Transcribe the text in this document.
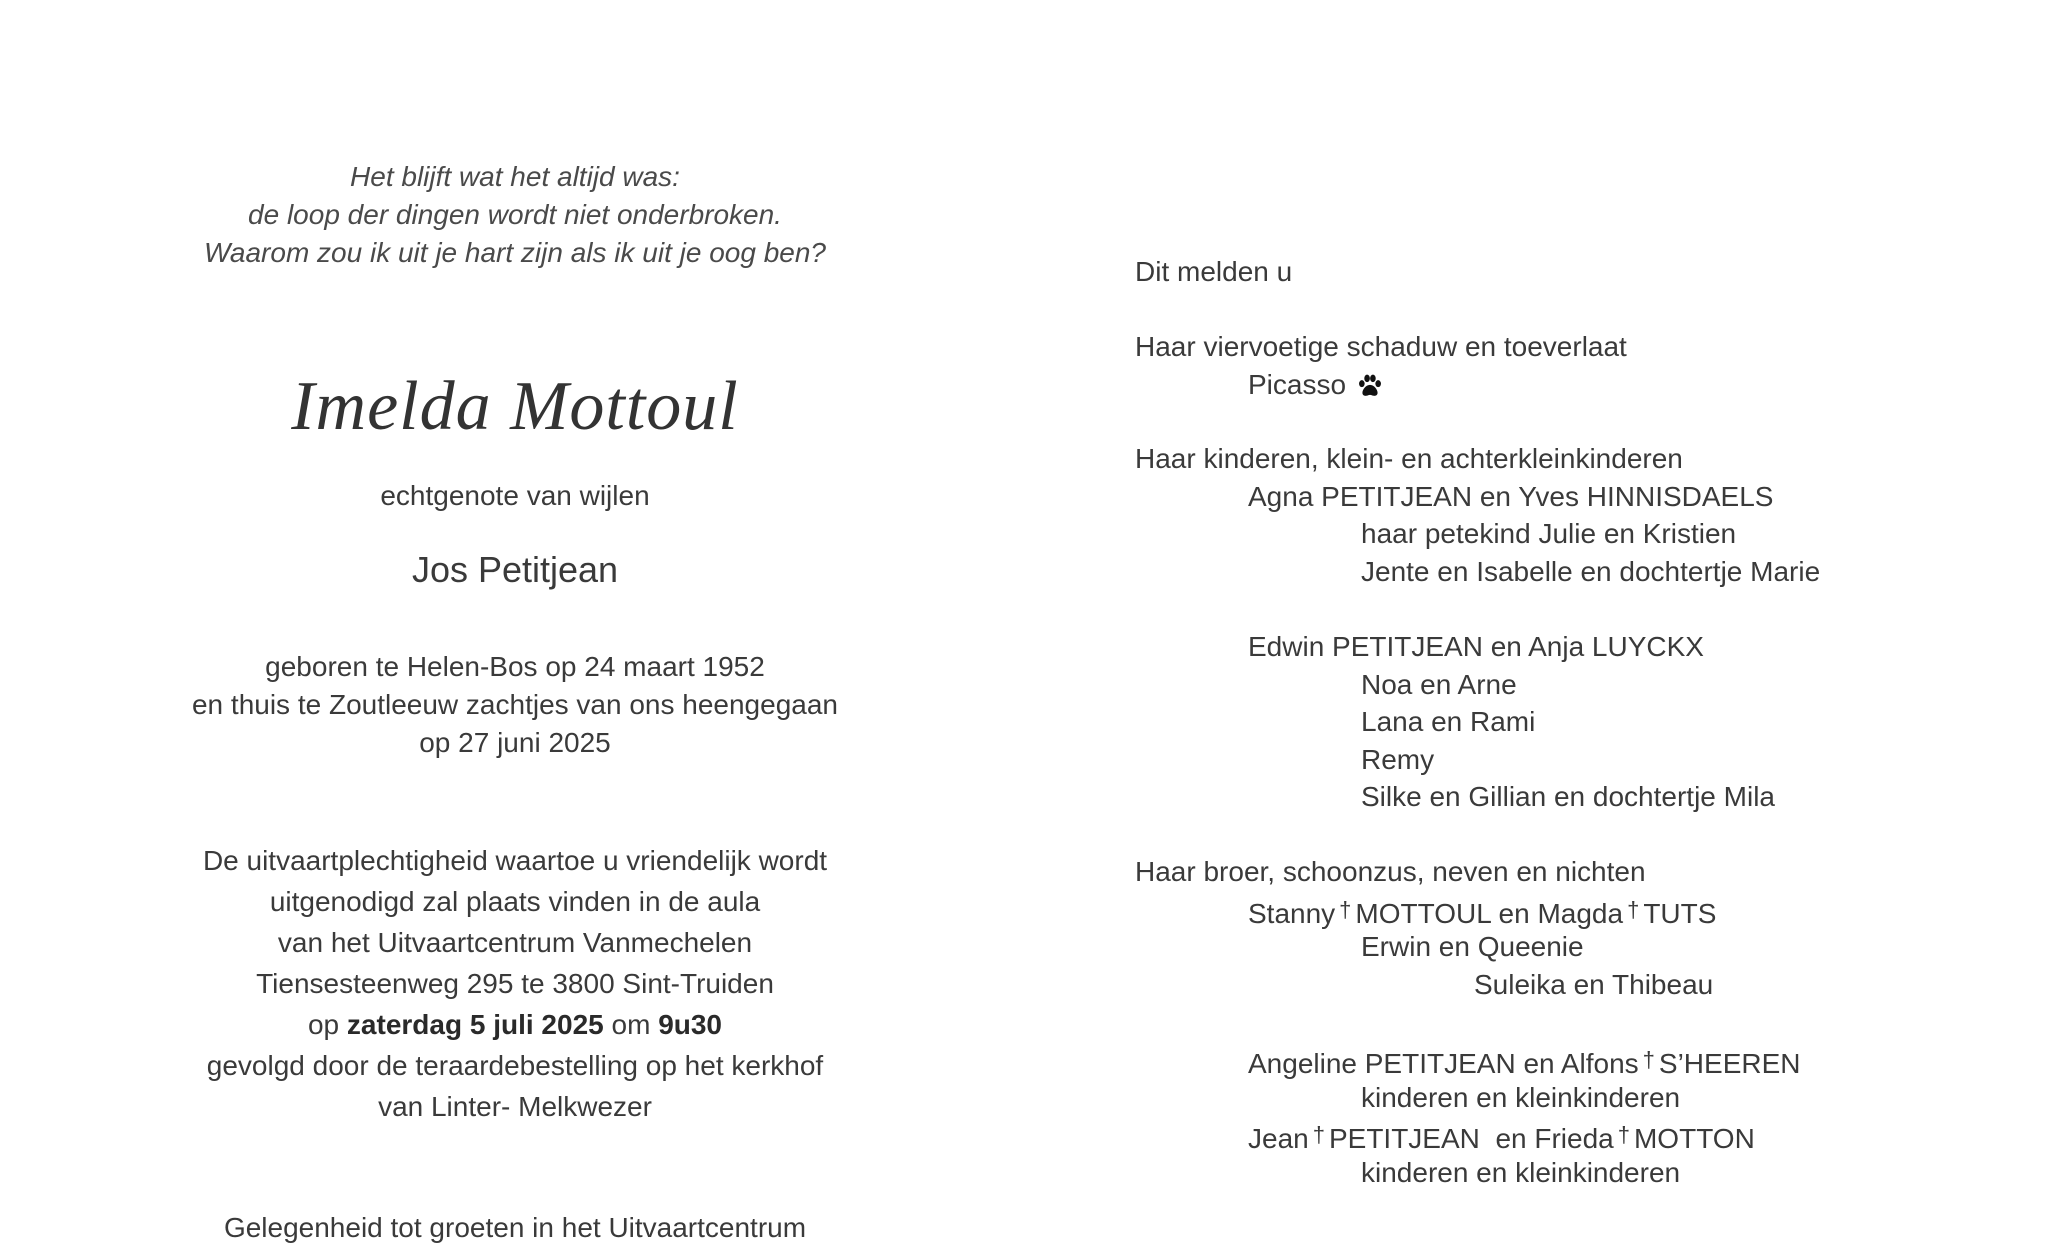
Het blijft wat het altijd was:
de loop der dingen wordt niet onderbroken.
Waarom zou ik uit je hart zijn als ik uit je oog ben?
Imelda Mottoul
echtgenote van wijlen
Jos Petitjean
geboren te Helen-Bos op 24 maart 1952
en thuis te Zoutleeuw zachtjes van ons heengegaan
op 27 juni 2025
De uitvaartplechtigheid waartoe u vriendelijk wordt
uitgenodigd zal plaats vinden in de aula
van het Uitvaartcentrum Vanmechelen
Tiensesteenweg 295 te 3800 Sint-Truiden
op zaterdag 5 juli 2025 om 9u30
gevolgd door de teraardebestelling op het kerkhof
van Linter- Melkwezer
Gelegenheid tot groeten in het Uitvaartcentrum
Dit melden u
Haar viervoetige schaduw en toeverlaat
Picasso
Haar kinderen, klein- en achterkleinkinderen
Agna PETITJEAN en Yves HINNISDAELS
haar petekind Julie en Kristien
Jente en Isabelle en dochtertje Marie
Edwin PETITJEAN en Anja LUYCKX
Noa en Arne
Lana en Rami
Remy
Silke en Gillian en dochtertje Mila
Haar broer, schoonzus, neven en nichten
Stanny † MOTTOUL en Magda † TUTS
Erwin en Queenie
Suleika en Thibeau
Angeline PETITJEAN en Alfons † S’HEEREN
kinderen en kleinkinderen
Jean † PETITJEAN  en Frieda † MOTTON
kinderen en kleinkinderen
